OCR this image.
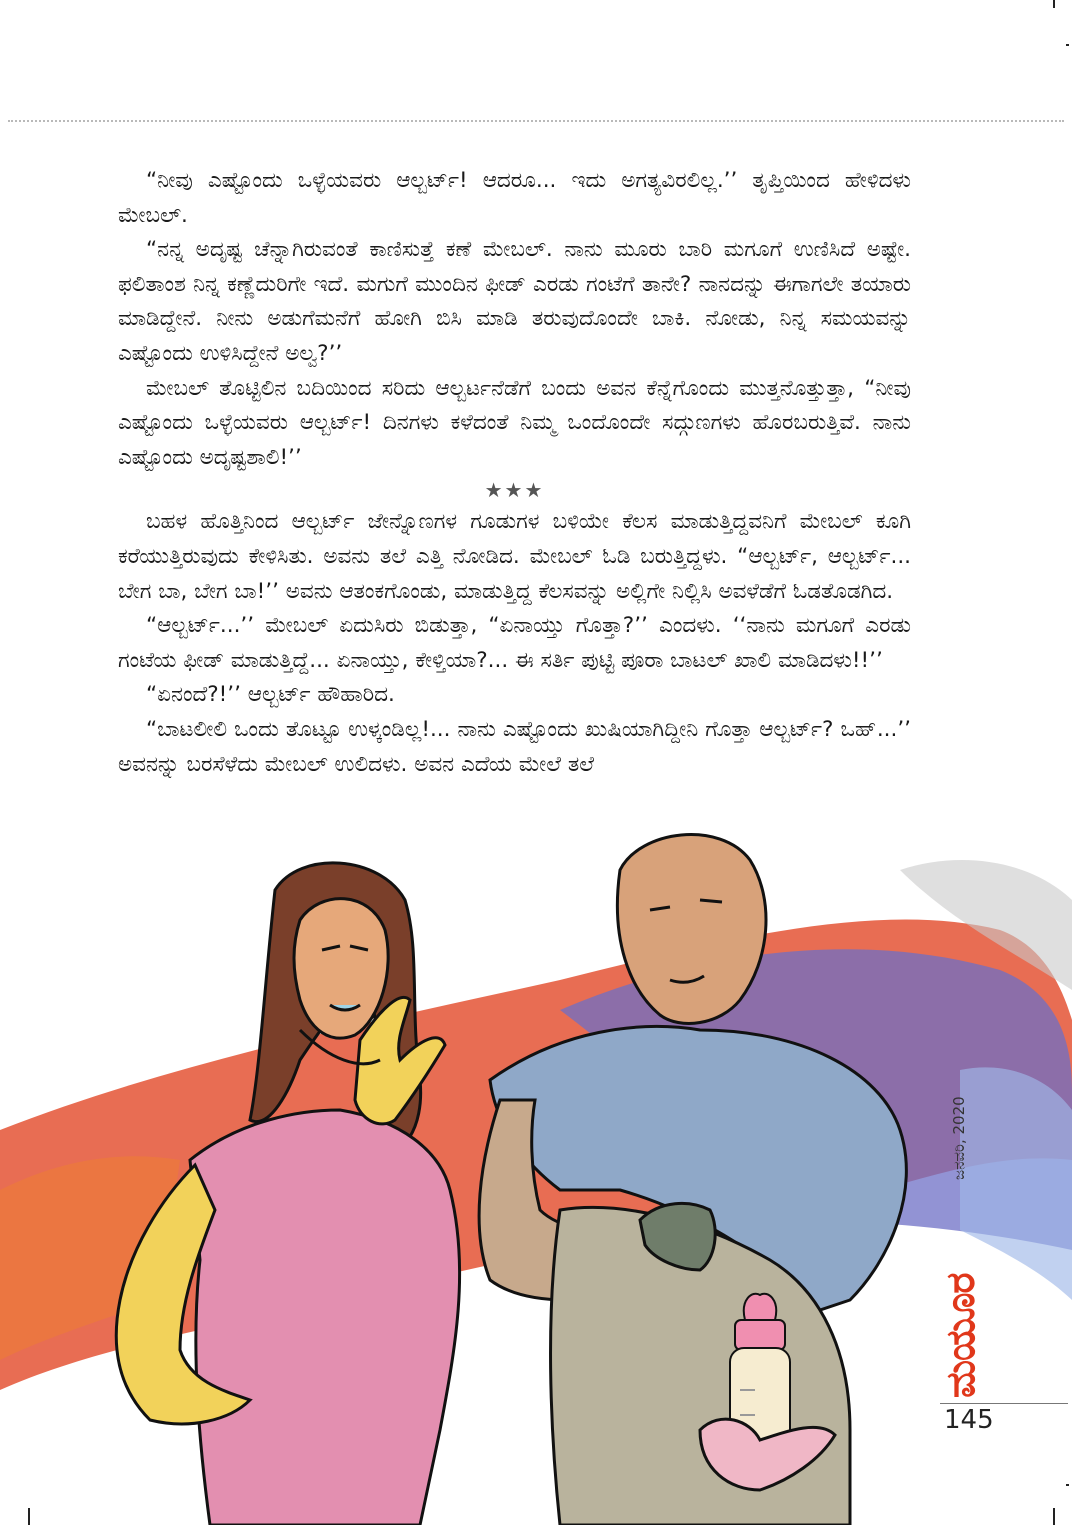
“ನೀವು ಎಷ್ಟೊಂದು ಒಳ್ಳೆಯವರು ಆಲ್ಬರ್ಟ್! ಆದರೂ... ಇದು ಅಗತ್ಯವಿರಲಿಲ್ಲ.’’ ತೃಪ್ತಿಯಿಂದ ಹೇಳಿದಳು ಮೇಬಲ್.

“ನನ್ನ ಅದೃಷ್ಟ ಚೆನ್ನಾಗಿರುವಂತೆ ಕಾಣಿಸುತ್ತೆ ಕಣೆ ಮೇಬಲ್. ನಾನು ಮೂರು ಬಾರಿ ಮಗೂಗೆ ಉಣಿಸಿದೆ ಅಷ್ಟೇ. ಫಲಿತಾಂಶ ನಿನ್ನ ಕಣ್ಣೆದುರಿಗೇ ಇದೆ. ಮಗುಗೆ ಮುಂದಿನ ಫೀಡ್ ಎರಡು ಗಂಟೆಗೆ ತಾನೇ? ನಾನದನ್ನು ಈಗಾಗಲೇ ತಯಾರು ಮಾಡಿದ್ದೇನೆ. ನೀನು ಅಡುಗೆಮನೆಗೆ ಹೋಗಿ ಬಿಸಿ ಮಾಡಿ ತರುವುದೊಂದೇ ಬಾಕಿ. ನೋಡು, ನಿನ್ನ ಸಮಯವನ್ನು ಎಷ್ಟೊಂದು ಉಳಿಸಿದ್ದೇನೆ ಅಲ್ವ?’’

ಮೇಬಲ್ ತೊಟ್ಟಿಲಿನ ಬದಿಯಿಂದ ಸರಿದು ಆಲ್ಬರ್ಟನೆಡೆಗೆ ಬಂದು ಅವನ ಕೆನ್ನೆಗೊಂದು ಮುತ್ತನೊತ್ತುತ್ತಾ, “ನೀವು ಎಷ್ಟೊಂದು ಒಳ್ಳೆಯವರು ಆಲ್ಬರ್ಟ್! ದಿನಗಳು ಕಳೆದಂತೆ ನಿಮ್ಮ ಒಂದೊಂದೇ ಸದ್ಗುಣಗಳು ಹೊರಬರುತ್ತಿವೆ. ನಾನು ಎಷ್ಟೊಂದು ಅದೃಷ್ಟಶಾಲಿ!’’

★★★

ಬಹಳ ಹೊತ್ತಿನಿಂದ ಆಲ್ಬರ್ಟ್ ಜೇನ್ನೊಣಗಳ ಗೂಡುಗಳ ಬಳಿಯೇ ಕೆಲಸ ಮಾಡುತ್ತಿದ್ದವನಿಗೆ ಮೇಬಲ್ ಕೂಗಿ ಕರೆಯುತ್ತಿರುವುದು ಕೇಳಿಸಿತು. ಅವನು ತಲೆ ಎತ್ತಿ ನೋಡಿದ. ಮೇಬಲ್ ಓಡಿ ಬರುತ್ತಿದ್ದಳು. “ಆಲ್ಬರ್ಟ್, ಆಲ್ಬರ್ಟ್... ಬೇಗ ಬಾ, ಬೇಗ ಬಾ!’’ ಅವನು ಆತಂಕಗೊಂಡು, ಮಾಡುತ್ತಿದ್ದ ಕೆಲಸವನ್ನು ಅಲ್ಲಿಗೇ ನಿಲ್ಲಿಸಿ ಅವಳೆಡೆಗೆ ಓಡತೊಡಗಿದ.

“ಆಲ್ಬರ್ಟ್...’’ ಮೇಬಲ್ ಏದುಸಿರು ಬಿಡುತ್ತಾ, “ಏನಾಯ್ತು ಗೊತ್ತಾ?’’ ಎಂದಳು. ‘‘ನಾನು ಮಗೂಗೆ ಎರಡು ಗಂಟೆಯ ಫೀಡ್ ಮಾಡುತ್ತಿದ್ದೆ... ಏನಾಯ್ತು, ಕೇಳ್ತಿಯಾ?... ಈ ಸರ್ತಿ ಪುಟ್ಟಿ ಪೂರಾ ಬಾಟಲ್ ಖಾಲಿ ಮಾಡಿದಳು!!’’

“ಏನಂದೆ?!’’ ಆಲ್ಬರ್ಟ್ ಹೌಹಾರಿದ.

“ಬಾಟಲೀಲಿ ಒಂದು ತೊಟ್ಟೂ ಉಳ್ಕಂಡಿಲ್ಲ!... ನಾನು ಎಷ್ಟೊಂದು ಖುಷಿಯಾಗಿದ್ದೀನಿ ಗೊತ್ತಾ ಆಲ್ಬರ್ಟ್? ಒಹ್...’’ ಅವನನ್ನು ಬರಸೆಳೆದು ಮೇಬಲ್ ಉಲಿದಳು. ಅವನ ಎದೆಯ ಮೇಲೆ ತಲೆ

ಜನವರಿ, 2020
ಮಯೂರ
145
